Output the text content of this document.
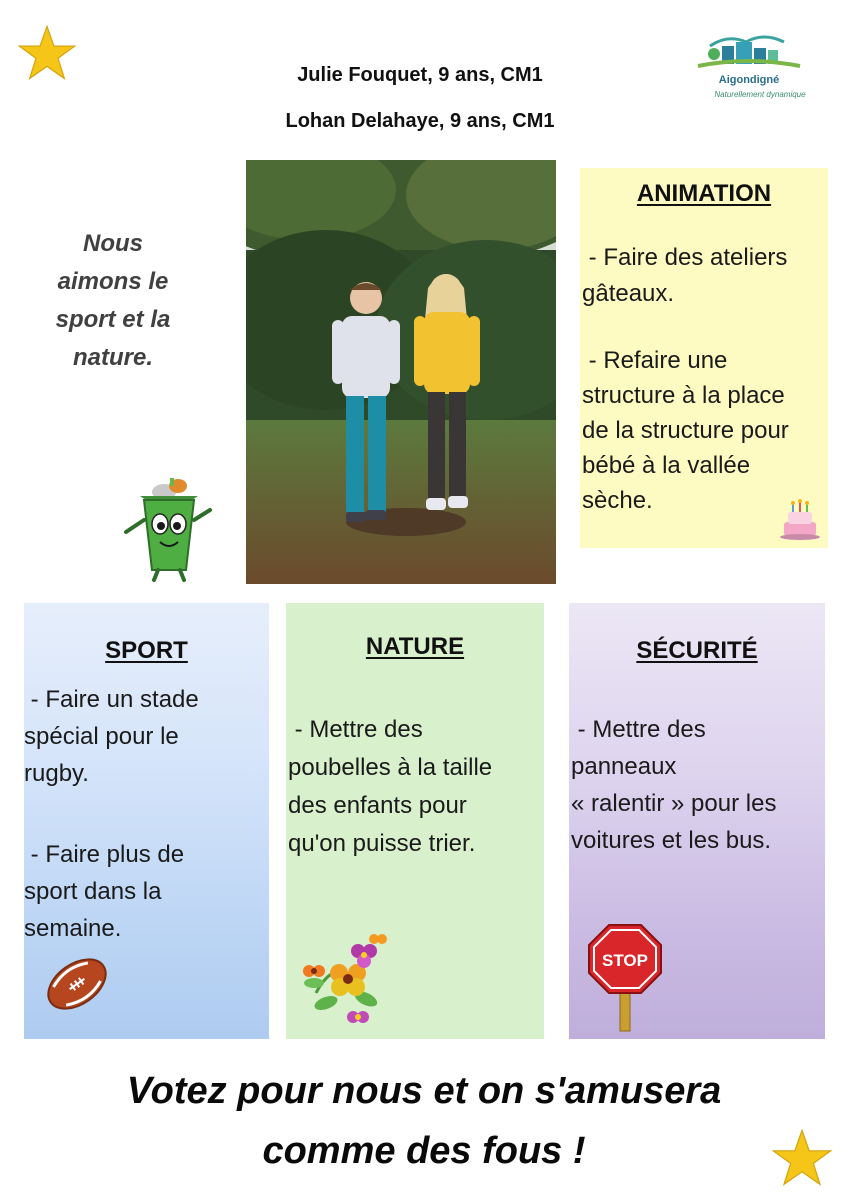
Julie Fouquet, 9 ans, CM1
Lohan Delahaye, 9 ans, CM1
Aigondigné
Naturellement dynamique
Nous
aimons le
sport et la
nature.
ANIMATION
- Faire des ateliers
gâteaux.
- Refaire une
structure à la place
de la structure pour
bébé à la vallée
sèche.
SPORT
- Faire un stade
spécial pour le
rugby.
- Faire plus de
sport dans la
semaine.
NATURE
- Mettre des
poubelles à la taille
des enfants pour
qu'on puisse trier.
SÉCURITÉ
- Mettre des
panneaux
« ralentir » pour les
voitures et les bus.
STOP
Votez pour nous et on s'amusera
comme des fous !
